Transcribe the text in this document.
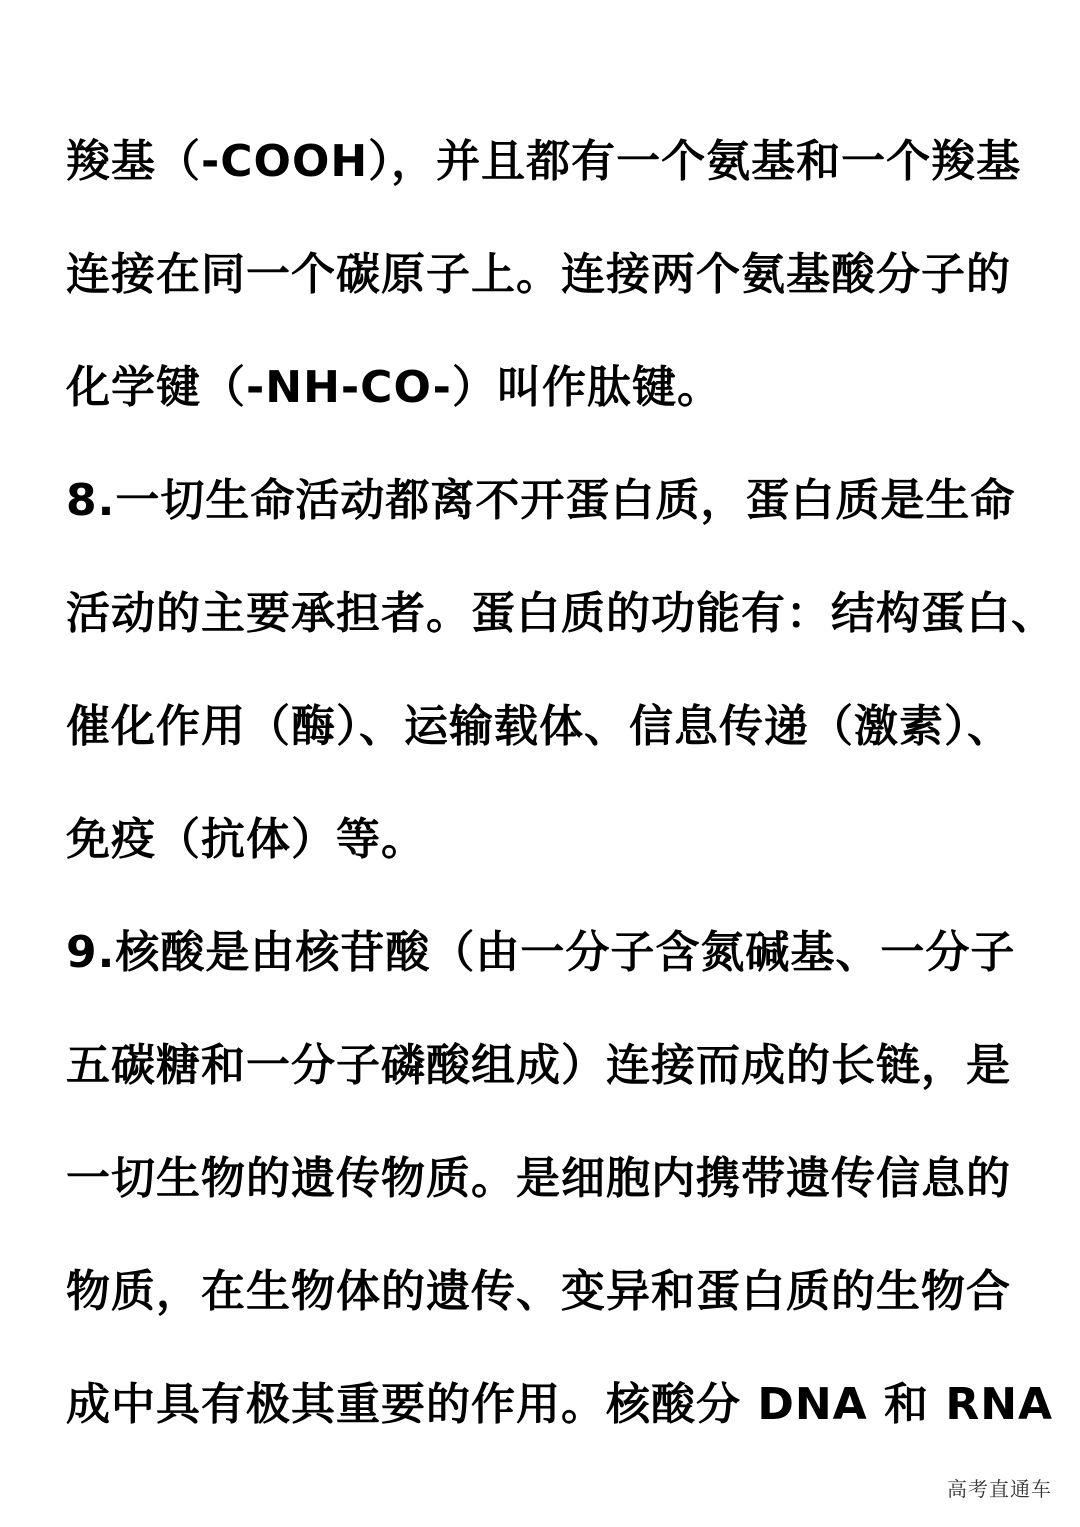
羧基（-COOH），并且都有一个氨基和一个羧基
连接在同一个碳原子上。连接两个氨基酸分子的
化学键（-NH-CO-）叫作肽键。
8.一切生命活动都离不开蛋白质，蛋白质是生命
活动的主要承担者。蛋白质的功能有：结构蛋白、
催化作用（酶）、运输载体、信息传递（激素）、
免疫（抗体）等。
9.核酸是由核苷酸（由一分子含氮碱基、一分子
五碳糖和一分子磷酸组成）连接而成的长链，是
一切生物的遗传物质。是细胞内携带遗传信息的
物质，在生物体的遗传、变异和蛋白质的生物合
成中具有极其重要的作用。核酸分 DNA 和 RNA
高考直通车
